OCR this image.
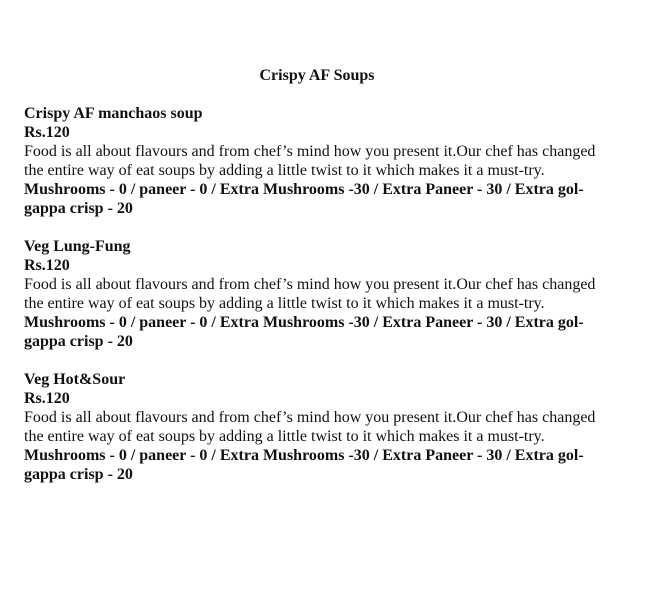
Crispy AF Soups
Crispy AF manchaos soup
Rs.120
Food is all about flavours and from chef’s mind how you present it.Our chef has changed the entire way of eat soups by adding a little twist to it which makes it a must-try.
Mushrooms - 0 / paneer - 0 / Extra Mushrooms -30 / Extra Paneer - 30 / Extra gol-gappa crisp - 20
Veg Lung-Fung
Rs.120
Food is all about flavours and from chef’s mind how you present it.Our chef has changed the entire way of eat soups by adding a little twist to it which makes it a must-try.
Mushrooms - 0 / paneer - 0 / Extra Mushrooms -30 / Extra Paneer - 30 / Extra gol-gappa crisp - 20
Veg Hot&Sour
Rs.120
Food is all about flavours and from chef’s mind how you present it.Our chef has changed the entire way of eat soups by adding a little twist to it which makes it a must-try.
Mushrooms - 0 / paneer - 0 / Extra Mushrooms -30 / Extra Paneer - 30 / Extra gol-gappa crisp - 20
